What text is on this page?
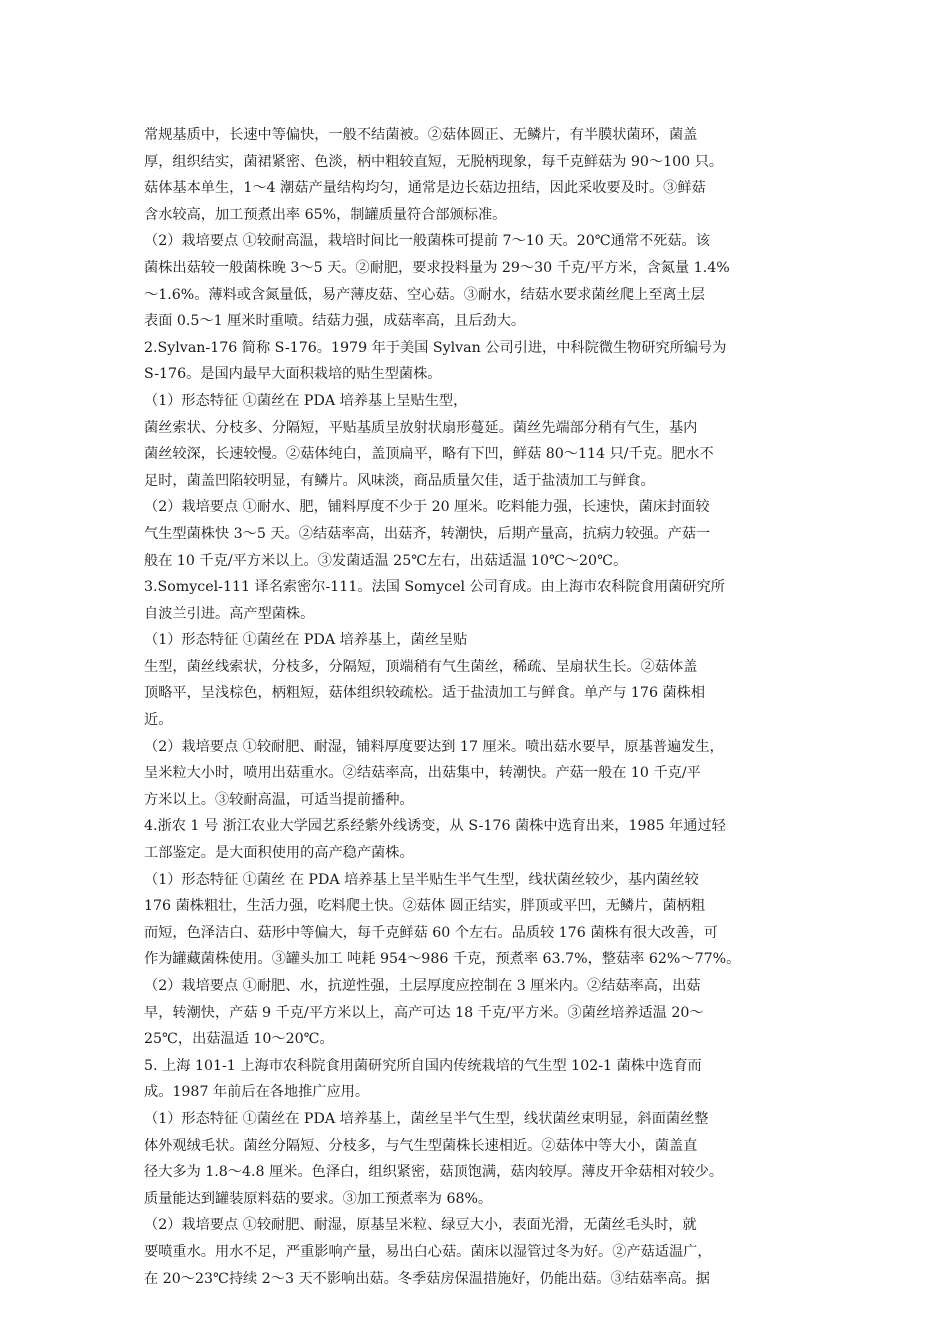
常规基质中，长速中等偏快，一般不结菌被。②菇体圆正、无鳞片，有半膜状菌环，菌盖
厚，组织结实，菌裙紧密、色淡，柄中粗较直短，无脱柄现象，每千克鲜菇为 90～100 只。
菇体基本单生，1～4 潮菇产量结构均匀，通常是边长菇边扭结，因此采收要及时。③鲜菇
含水较高，加工预煮出率 65%，制罐质量符合部颁标准。
（2）栽培要点 ①较耐高温，栽培时间比一般菌株可提前 7～10 天。20℃通常不死菇。该
菌株出菇较一般菌株晚 3～5 天。②耐肥，要求投料量为 29～30 千克/平方米，含氮量 1.4%
～1.6%。薄料或含氮量低，易产薄皮菇、空心菇。③耐水，结菇水要求菌丝爬上至离土层
表面 0.5～1 厘米时重喷。结菇力强，成菇率高，且后劲大。
2.Sylvan-176 简称 S-176。1979 年于美国 Sylvan 公司引进，中科院微生物研究所编号为
S-176。是国内最早大面积栽培的贴生型菌株。
（1）形态特征 ①菌丝在 PDA 培养基上呈贴生型，
菌丝索状、分枝多、分隔短，平贴基质呈放射状扇形蔓延。菌丝先端部分稍有气生，基内
菌丝较深，长速较慢。②菇体纯白，盖顶扁平，略有下凹，鲜菇 80～114 只/千克。肥水不
足时，菌盖凹陷较明显，有鳞片。风味淡，商品质量欠佳，适于盐渍加工与鲜食。
（2）栽培要点 ①耐水、肥，铺料厚度不少于 20 厘米。吃料能力强，长速快，菌床封面较
气生型菌株快 3～5 天。②结菇率高，出菇齐，转潮快，后期产量高，抗病力较强。产菇一
般在 10 千克/平方米以上。③发菌适温 25℃左右，出菇适温 10℃～20℃。
3.Somycel-111 译名索密尔-111。法国 Somycel 公司育成。由上海市农科院食用菌研究所
自波兰引进。高产型菌株。
（1）形态特征 ①菌丝在 PDA 培养基上，菌丝呈贴
生型，菌丝线索状，分枝多，分隔短，顶端稍有气生菌丝，稀疏、呈扇状生长。②菇体盖
顶略平，呈浅棕色，柄粗短，菇体组织较疏松。适于盐渍加工与鲜食。单产与 176 菌株相
近。
（2）栽培要点 ①较耐肥、耐湿，铺料厚度要达到 17 厘米。喷出菇水要早，原基普遍发生，
呈米粒大小时，喷用出菇重水。②结菇率高，出菇集中，转潮快。产菇一般在 10 千克/平
方米以上。③较耐高温，可适当提前播种。
4.浙农 1 号 浙江农业大学园艺系经紫外线诱变，从 S-176 菌株中选育出来，1985 年通过轻
工部鉴定。是大面积使用的高产稳产菌株。
（1）形态特征 ①菌丝 在 PDA 培养基上呈半贴生半气生型，线状菌丝较少，基内菌丝较
176 菌株粗壮，生活力强，吃料爬土快。②菇体 圆正结实，胖顶或平凹，无鳞片，菌柄粗
而短，色泽洁白、菇形中等偏大，每千克鲜菇 60 个左右。品质较 176 菌株有很大改善，可
作为罐藏菌株使用。③罐头加工 吨耗 954～986 千克，预煮率 63.7%，整菇率 62%～77%。
（2）栽培要点 ①耐肥、水，抗逆性强，土层厚度应控制在 3 厘米内。②结菇率高，出菇
早，转潮快，产菇 9 千克/平方米以上，高产可达 18 千克/平方米。③菌丝培养适温 20～
25℃，出菇温适 10～20℃。
5. 上海 101-1 上海市农科院食用菌研究所自国内传统栽培的气生型 102-1 菌株中选育而
成。1987 年前后在各地推广应用。
（1）形态特征 ①菌丝在 PDA 培养基上，菌丝呈半气生型，线状菌丝束明显，斜面菌丝整
体外观绒毛状。菌丝分隔短、分枝多，与气生型菌株长速相近。②菇体中等大小，菌盖直
径大多为 1.8～4.8 厘米。色泽白，组织紧密，菇顶饱满，菇肉较厚。薄皮开伞菇相对较少。
质量能达到罐装原料菇的要求。③加工预煮率为 68%。
（2）栽培要点 ①较耐肥、耐湿，原基呈米粒、绿豆大小，表面光滑，无菌丝毛头时，就
要喷重水。用水不足，严重影响产量，易出白心菇。菌床以湿管过冬为好。②产菇适温广，
在 20～23℃持续 2～3 天不影响出菇。冬季菇房保温措施好，仍能出菇。③结菇率高。据
